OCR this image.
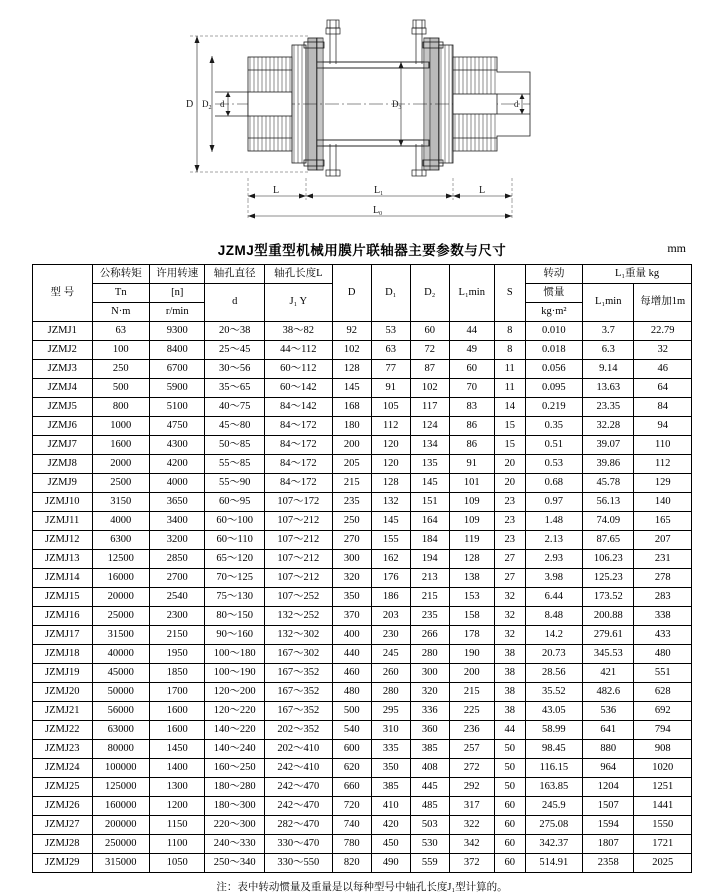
D $D_2$ d	$D_3$	d
L	$L_1$	L
$L_0$
JZMJ型重型机械用膜片联轴器主要参数与尺寸	mm
型 号	公称转矩	许用转速	轴孔直径	轴孔长度L	D	D₁	D₂	L₁min	S	转动	L₁重量 kg	
	Tn	[n]	d	J₁ Y						惯量	L₁min	每增加1m
	N·m	r/min								kg·m²		
JZMJ1	63	9300	20～38	38～82	92	53	60	44	8	0.010	3.7	22.79
JZMJ2	100	8400	25～45	44～112	102	63	72	49	8	0.018	6.3	32
JZMJ3	250	6700	30～56	60～112	128	77	87	60	11	0.056	9.14	46
JZMJ4	500	5900	35～65	60～142	145	91	102	70	11	0.095	13.63	64
JZMJ5	800	5100	40～75	84～142	168	105	117	83	14	0.219	23.35	84
JZMJ6	1000	4750	45～80	84～172	180	112	124	86	15	0.35	32.28	94
JZMJ7	1600	4300	50～85	84～172	200	120	134	86	15	0.51	39.07	110
JZMJ8	2000	4200	55～85	84～172	205	120	135	91	20	0.53	39.86	112
JZMJ9	2500	4000	55～90	84～172	215	128	145	101	20	0.68	45.78	129
JZMJ10	3150	3650	60～95	107～172	235	132	151	109	23	0.97	56.13	140
JZMJ11	4000	3400	60～100	107～212	250	145	164	109	23	1.48	74.09	165
JZMJ12	6300	3200	60～110	107～212	270	155	184	119	23	2.13	87.65	207
JZMJ13	12500	2850	65～120	107～212	300	162	194	128	27	2.93	106.23	231
JZMJ14	16000	2700	70～125	107～212	320	176	213	138	27	3.98	125.23	278
JZMJ15	20000	2540	75～130	107～252	350	186	215	153	32	6.44	173.52	283
JZMJ16	25000	2300	80～150	132～252	370	203	235	158	32	8.48	200.88	338
JZMJ17	31500	2150	90～160	132～302	400	230	266	178	32	14.2	279.61	433
JZMJ18	40000	1950	100～180	167～302	440	245	280	190	38	20.73	345.53	480
JZMJ19	45000	1850	100～190	167～352	460	260	300	200	38	28.56	421	551
JZMJ20	50000	1700	120～200	167～352	480	280	320	215	38	35.52	482.6	628
JZMJ21	56000	1600	120～220	167～352	500	295	336	225	38	43.05	536	692
JZMJ22	63000	1600	140～220	202～352	540	310	360	236	44	58.99	641	794
JZMJ23	80000	1450	140～240	202～410	600	335	385	257	50	98.45	880	908
JZMJ24	100000	1400	160～250	242～410	620	350	408	272	50	116.15	964	1020
JZMJ25	125000	1300	180～280	242～470	660	385	445	292	50	163.85	1204	1251
JZMJ26	160000	1200	180～300	242～470	720	410	485	317	60	245.9	1507	1441
JZMJ27	200000	1150	220～300	282～470	740	420	503	322	60	275.08	1594	1550
JZMJ28	250000	1100	240～330	330～470	780	450	530	342	60	342.37	1807	1721
JZMJ29	315000	1050	250～340	330～550	820	490	559	372	60	514.91	2358	2025
注：表中转动惯量及重量是以每种型号中轴孔长度J₁型计算的。
